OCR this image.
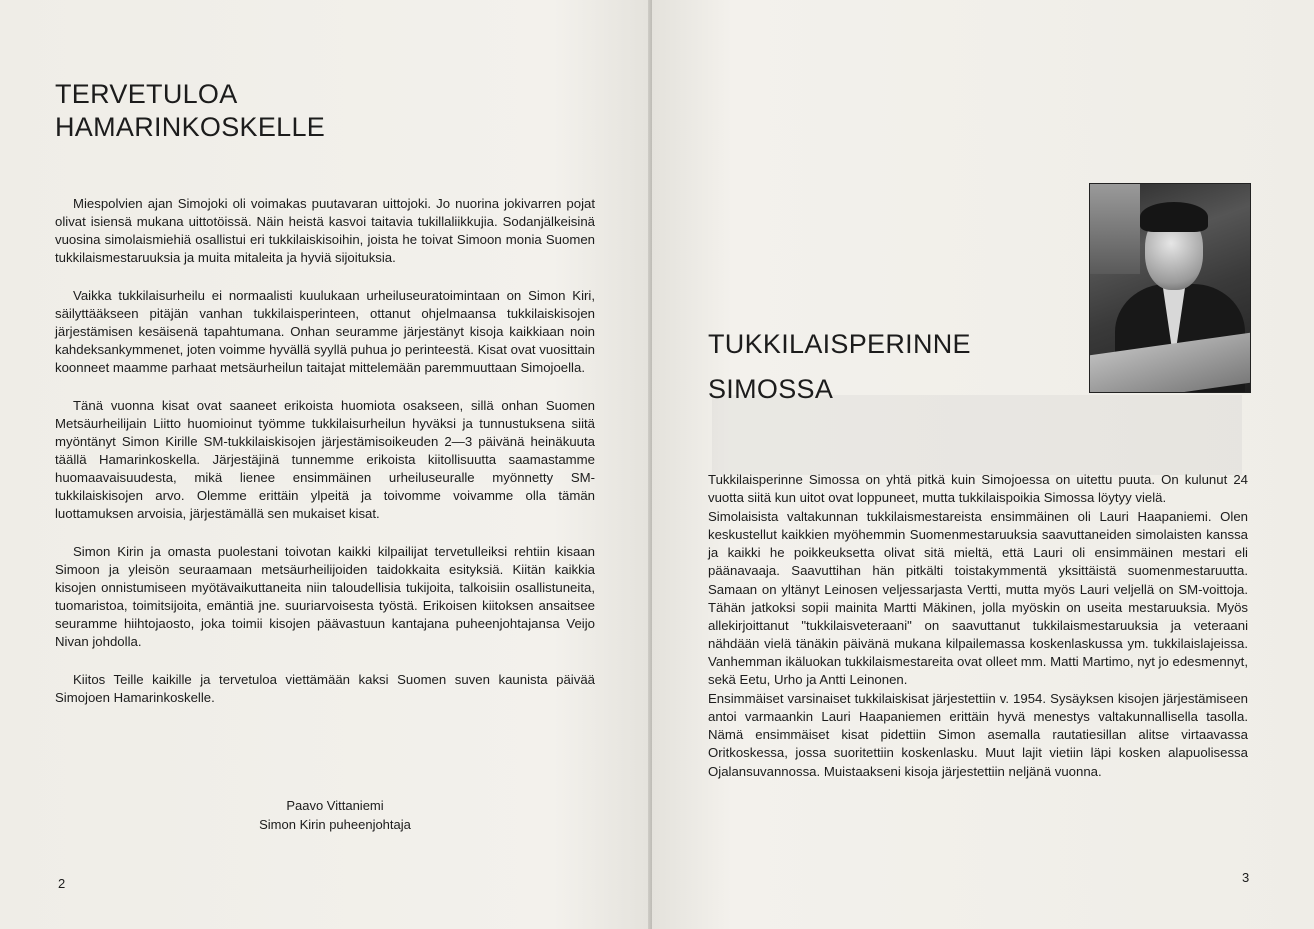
TERVETULOA
HAMARINKOSKELLE

Miespolvien ajan Simojoki oli voimakas puutavaran uittojoki. Jo nuorina jokivarren pojat olivat isiensä mukana uittotöissä. Näin heistä kasvoi taitavia tukillaliikkujia. Sodanjälkeisinä vuosina simolaismiehiä osallistui eri tukkilaiskisoihin, joista he toivat Simoon monia Suomen tukkilaismestaruuksia ja muita mitaleita ja hyviä sijoituksia.

Vaikka tukkilaisurheilu ei normaalisti kuulukaan urheiluseuratoimintaan on Simon Kiri, säilyttääkseen pitäjän vanhan tukkilaisperinteen, ottanut ohjelmaansa tukkilaiskisojen järjestämisen kesäisenä tapahtumana. Onhan seuramme järjestänyt kisoja kaikkiaan noin kahdeksankymmenet, joten voimme hyvällä syyllä puhua jo perinteestä. Kisat ovat vuosittain koonneet maamme parhaat metsäurheilun taitajat mittelemään paremmuuttaan Simojoella.

Tänä vuonna kisat ovat saaneet erikoista huomiota osakseen, sillä onhan Suomen Metsäurheilijain Liitto huomioinut työmme tukkilaisurheilun hyväksi ja tunnustuksena siitä myöntänyt Simon Kirille SM-tukkilaiskisojen järjestämisoikeuden 2—3 päivänä heinäkuuta täällä Hamarinkoskella. Järjestäjinä tunnemme erikoista kiitollisuutta saamastamme huomaavaisuudesta, mikä lienee ensimmäinen urheiluseuralle myönnetty SM-tukkilaiskisojen arvo. Olemme erittäin ylpeitä ja toivomme voivamme olla tämän luottamuksen arvoisia, järjestämällä sen mukaiset kisat.

Simon Kirin ja omasta puolestani toivotan kaikki kilpailijat tervetulleiksi rehtiin kisaan Simoon ja yleisön seuraamaan metsäurheilijoiden taidokkaita esityksiä. Kiitän kaikkia kisojen onnistumiseen myötävaikuttaneita niin taloudellisia tukijoita, talkoisiin osallistuneita, tuomaristoa, toimitsijoita, emäntiä jne. suuriarvoisesta työstä. Erikoisen kiitoksen ansaitsee seuramme hiihtojaosto, joka toimii kisojen päävastuun kantajana puheenjohtajansa Veijo Nivan johdolla.

Kiitos Teille kaikille ja tervetuloa viettämään kaksi Suomen suven kaunista päivää Simojoen Hamarinkoskelle.

Paavo Vittaniemi
Simon Kirin puheenjohtaja
2
TUKKILAISPERINNE
SIMOSSA

Tukkilaisperinne Simossa on yhtä pitkä kuin Simojoessa on uitettu puuta. On kulunut 24 vuotta siitä kun uitot ovat loppuneet, mutta tukkilaispoikia Simossa löytyy vielä.

Simolaisista valtakunnan tukkilaismestareista ensimmäinen oli Lauri Haapaniemi. Olen keskustellut kaikkien myöhemmin Suomenmestaruuksia saavuttaneiden simolaisten kanssa ja kaikki he poikkeuksetta olivat sitä mieltä, että Lauri oli ensimmäinen mestari eli päänavaaja. Saavuttihan hän pitkälti toistakymmentä yksittäistä suomenmestaruutta. Samaan on yltänyt Leinosen veljessarjasta Vertti, mutta myös Lauri veljellä on SM-voittoja. Tähän jatkoksi sopii mainita Martti Mäkinen, jolla myöskin on useita mestaruuksia. Myös allekirjoittanut "tukkilaisveteraani" on saavuttanut tukkilaismestaruuksia ja veteraani nähdään vielä tänäkin päivänä mukana kilpailemassa koskenlaskussa ym. tukkilaislajeissa. Vanhemman ikäluokan tukkilaismestareita ovat olleet mm. Matti Martimo, nyt jo edesmennyt, sekä Eetu, Urho ja Antti Leinonen.

Ensimmäiset varsinaiset tukkilaiskisat järjestettiin v. 1954. Sysäyksen kisojen järjestämiseen antoi varmaankin Lauri Haapaniemen erittäin hyvä menestys valtakunnallisella tasolla. Nämä ensimmäiset kisat pidettiin Simon asemalla rautatiesillan alitse virtaavassa Oritkoskessa, jossa suoritettiin koskenlasku. Muut lajit vietiin läpi kosken alapuolisessa Ojalansuvannossa. Muistaakseni kisoja järjestettiin neljänä vuonna.

3
